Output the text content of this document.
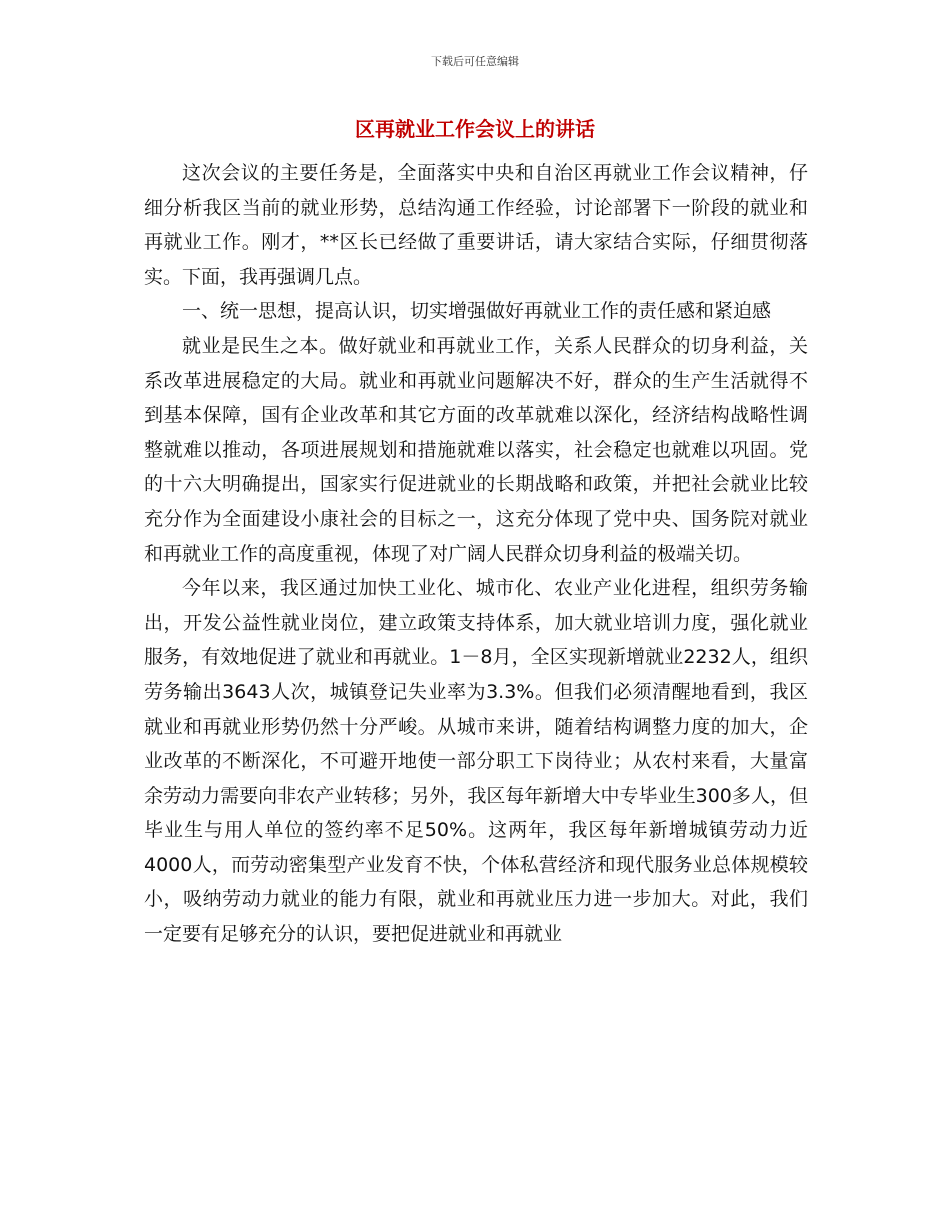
下载后可任意编辑
区再就业工作会议上的讲话

这次会议的主要任务是，全面落实中央和自治区再就业工作会议精神，仔细分析我区当前的就业形势，总结沟通工作经验，讨论部署下一阶段的就业和再就业工作。刚才，**区长已经做了重要讲话，请大家结合实际，仔细贯彻落实。下面，我再强调几点。

一、统一思想，提高认识，切实增强做好再就业工作的责任感和紧迫感

就业是民生之本。做好就业和再就业工作，关系人民群众的切身利益，关系改革进展稳定的大局。就业和再就业问题解决不好，群众的生产生活就得不到基本保障，国有企业改革和其它方面的改革就难以深化，经济结构战略性调整就难以推动，各项进展规划和措施就难以落实，社会稳定也就难以巩固。党的十六大明确提出，国家实行促进就业的长期战略和政策，并把社会就业比较充分作为全面建设小康社会的目标之一，这充分体现了党中央、国务院对就业和再就业工作的高度重视，体现了对广阔人民群众切身利益的极端关切。

今年以来，我区通过加快工业化、城市化、农业产业化进程，组织劳务输出，开发公益性就业岗位，建立政策支持体系，加大就业培训力度，强化就业服务，有效地促进了就业和再就业。1－8月，全区实现新增就业2232人，组织劳务输出3643人次，城镇登记失业率为3.3%。但我们必须清醒地看到，我区就业和再就业形势仍然十分严峻。从城市来讲，随着结构调整力度的加大，企业改革的不断深化，不可避开地使一部分职工下岗待业；从农村来看，大量富余劳动力需要向非农产业转移；另外，我区每年新增大中专毕业生300多人，但毕业生与用人单位的签约率不足50%。这两年，我区每年新增城镇劳动力近4000人，而劳动密集型产业发育不快，个体私营经济和现代服务业总体规模较小，吸纳劳动力就业的能力有限，就业和再就业压力进一步加大。对此，我们一定要有足够充分的认识，要把促进就业和再就业
